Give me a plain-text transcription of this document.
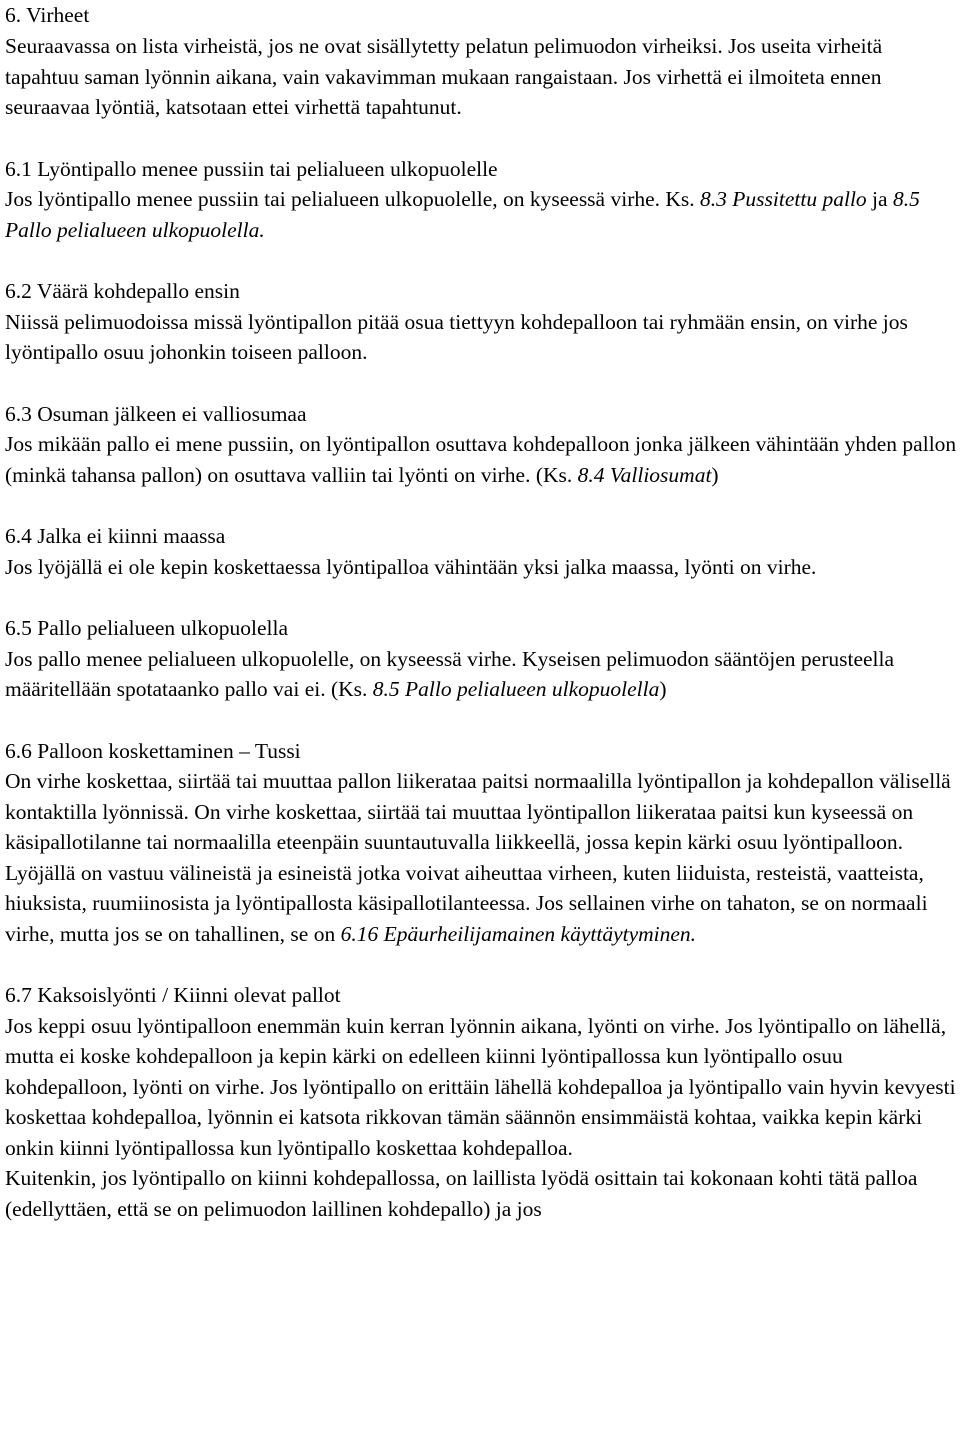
6. Virheet

Seuraavassa on lista virheistä, jos ne ovat sisällytetty pelatun pelimuodon virheiksi. Jos useita virheitä tapahtuu saman lyönnin aikana, vain vakavimman mukaan rangaistaan. Jos virhettä ei ilmoiteta ennen seuraavaa lyöntiä, katsotaan ettei virhettä tapahtunut.

6.1 Lyöntipallo menee pussiin tai pelialueen ulkopuolelle

Jos lyöntipallo menee pussiin tai pelialueen ulkopuolelle, on kyseessä virhe. Ks. 8.3 Pussitettu pallo ja 8.5 Pallo pelialueen ulkopuolella.

6.2 Väärä kohdepallo ensin

Niissä pelimuodoissa missä lyöntipallon pitää osua tiettyyn kohdepalloon tai ryhmään ensin, on virhe jos lyöntipallo osuu johonkin toiseen palloon.

6.3 Osuman jälkeen ei valliosumaa

Jos mikään pallo ei mene pussiin, on lyöntipallon osuttava kohdepalloon jonka jälkeen vähintään yhden pallon (minkä tahansa pallon) on osuttava valliin tai lyönti on virhe. (Ks. 8.4 Valliosumat)

6.4 Jalka ei kiinni maassa

Jos lyöjällä ei ole kepin koskettaessa lyöntipalloa vähintään yksi jalka maassa, lyönti on virhe.

6.5 Pallo pelialueen ulkopuolella

Jos pallo menee pelialueen ulkopuolelle, on kyseessä virhe. Kyseisen pelimuodon sääntöjen perusteella määritellään spotataanko pallo vai ei. (Ks. 8.5 Pallo pelialueen ulkopuolella)

6.6 Palloon koskettaminen – Tussi

On virhe koskettaa, siirtää tai muuttaa pallon liikerataa paitsi normaalilla lyöntipallon ja kohdepallon välisellä kontaktilla lyönnissä. On virhe koskettaa, siirtää tai muuttaa lyöntipallon liikerataa paitsi kun kyseessä on käsipallotilanne tai normaalilla eteenpäin suuntautuvalla liikkeellä, jossa kepin kärki osuu lyöntipalloon. Lyöjällä on vastuu välineistä ja esineistä jotka voivat aiheuttaa virheen, kuten liiduista, resteistä, vaatteista, hiuksista, ruumiinosista ja lyöntipallosta käsipallotilanteessa. Jos sellainen virhe on tahaton, se on normaali virhe, mutta jos se on tahallinen, se on 6.16 Epäurheilijamainen käyttäytyminen.

6.7 Kaksoislyönti / Kiinni olevat pallot

Jos keppi osuu lyöntipalloon enemmän kuin kerran lyönnin aikana, lyönti on virhe. Jos lyöntipallo on lähellä, mutta ei koske kohdepalloon ja kepin kärki on edelleen kiinni lyöntipallossa kun lyöntipallo osuu kohdepalloon, lyönti on virhe. Jos lyöntipallo on erittäin lähellä kohdepalloa ja lyöntipallo vain hyvin kevyesti koskettaa kohdepalloa, lyönnin ei katsota rikkovan tämän säännön ensimmäistä kohtaa, vaikka kepin kärki onkin kiinni lyöntipallossa kun lyöntipallo koskettaa kohdepalloa.

Kuitenkin, jos lyöntipallo on kiinni kohdepallossa, on laillista lyödä osittain tai kokonaan kohti tätä palloa (edellyttäen, että se on pelimuodon laillinen kohdepallo) ja jos
